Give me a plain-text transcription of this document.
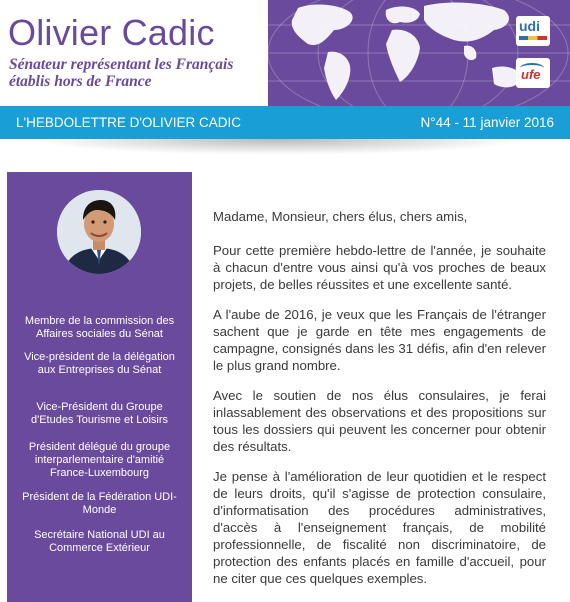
Olivier Cadic
Sénateur représentant les Français
établis hors de France
udi
ufe
L'HEBDOLETTRE D'OLIVIER CADIC	N°44 - 11 janvier 2016
Membre de la commission des Affaires sociales du Sénat
Vice-président de la délégation aux Entreprises du Sénat
Vice-Président du Groupe d'Etudes Tourisme et Loisirs
Président délégué du groupe interparlementaire d'amitié France-Luxembourg
Président de la Fédération UDI-Monde
Secrétaire National UDI au Commerce Extérieur

Madame, Monsieur, chers élus, chers amis,

Pour cette première hebdo-lettre de l'année, je souhaite à chacun d'entre vous ainsi qu'à vos proches de beaux projets, de belles réussites et une excellente santé.

A l'aube de 2016, je veux que les Français de l'étranger sachent que je garde en tête mes engagements de campagne, consignés dans les 31 défis, afin d'en relever le plus grand nombre.

Avec le soutien de nos élus consulaires, je ferai inlassablement des observations et des propositions sur tous les dossiers qui peuvent les concerner pour obtenir des résultats.

Je pense à l'amélioration de leur quotidien et le respect de leurs droits, qu'il s'agisse de protection consulaire, d'informatisation des procédures administratives, d'accès à l'enseignement français, de mobilité professionnelle, de fiscalité non discriminatoire, de protection des enfants placés en famille d'accueil, pour ne citer que ces quelques exemples.
